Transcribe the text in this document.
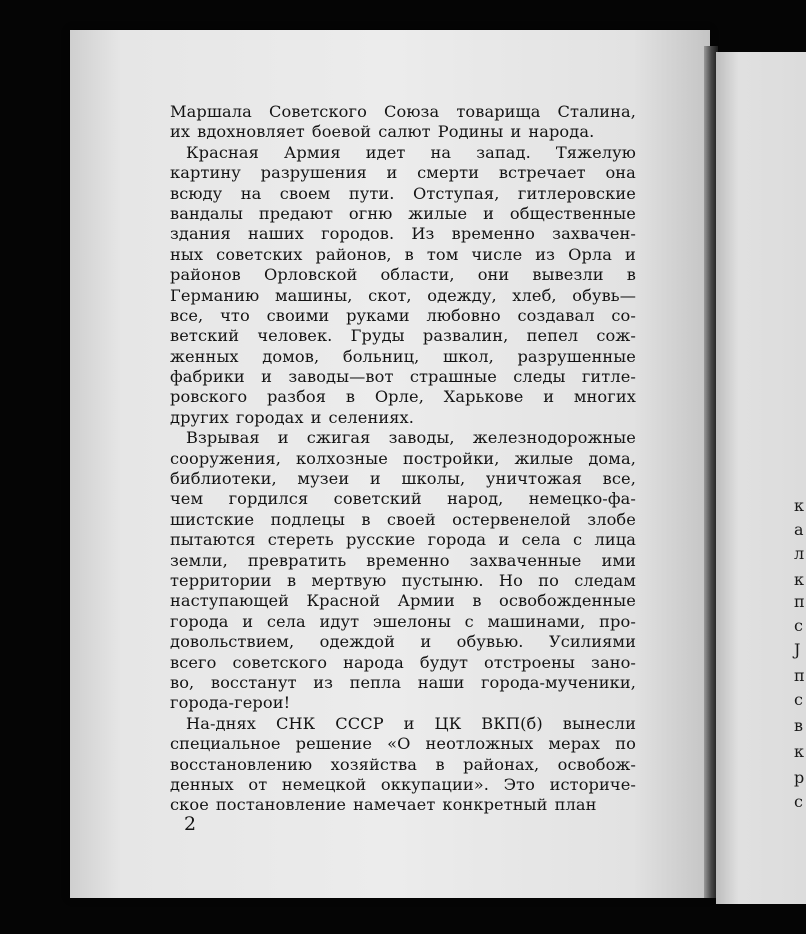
к
а
л
к
п
с
Ј
п
с
в
к
р
с
Маршала Советского Союза товарища Сталина,
их вдохновляет боевой салют Родины и народа.
Красная Армия идет на запад. Тяжелую
картину разрушения и смерти встречает она
всюду на своем пути. Отступая, гитлеровские
вандалы предают огню жилые и общественные
здания наших городов. Из временно захвачен-
ных советских районов, в том числе из Орла и
районов Орловской области, они вывезли в
Германию машины, скот, одежду, хлеб, обувь—
все, что своими руками любовно создавал со-
ветский человек. Груды развалин, пепел сож-
женных домов, больниц, школ, разрушенные
фабрики и заводы—вот страшные следы гитле-
ровского разбоя в Орле, Харькове и многих
других городах и селениях.
Взрывая и сжигая заводы, железнодорожные
сооружения, колхозные постройки, жилые дома,
библиотеки, музеи и школы, уничтожая все,
чем гордился советский народ, немецко-фа-
шистские подлецы в своей остервенелой злобе
пытаются стереть русские города и села с лица
земли, превратить временно захваченные ими
территории в мертвую пустыню. Но по следам
наступающей Красной Армии в освобожденные
города и села идут эшелоны с машинами, про-
довольствием, одеждой и обувью. Усилиями
всего советского народа будут отстроены зано-
во, восстанут из пепла наши города-мученики,
города-герои!
На-днях СНК СССР и ЦК ВКП(б) вынесли
специальное решение «О неотложных мерах по
восстановлению хозяйства в районах, освобож-
денных от немецкой оккупации». Это историче-
ское постановление намечает конкретный план
2
